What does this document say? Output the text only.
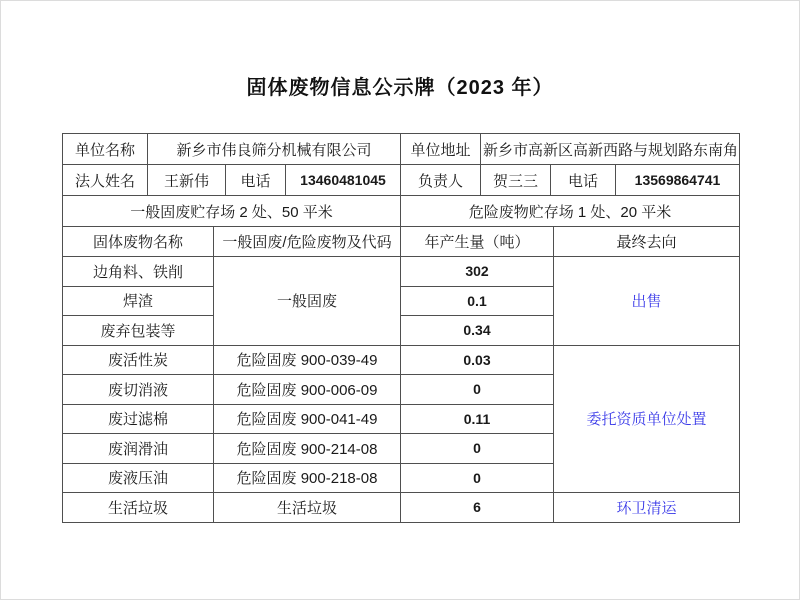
固体废物信息公示牌（2023 年）
单位名称	新乡市伟良筛分机械有限公司			单位地址	新乡市高新区高新西路与规划路东南角		
法人姓名	王新伟	电话	13460481045	负责人	贺三三	电话	13569864741
一般固废贮存场 2 处、50 平米				危险废物贮存场 1 处、20 平米			
固体废物名称	一般固废/危险废物及代码	年产生量（吨）	最终去向
边角料、铁削	一般固废	302	出售
焊渣		0.1	
废弃包装等		0.34	
废活性炭	危险固废 900-039-49	0.03	委托资质单位处置
废切消液	危险固废 900-006-09	0	
废过滤棉	危险固废 900-041-49	0.11	
废润滑油	危险固废 900-214-08	0	
废液压油	危险固废 900-218-08	0	
生活垃圾	生活垃圾	6	环卫清运
